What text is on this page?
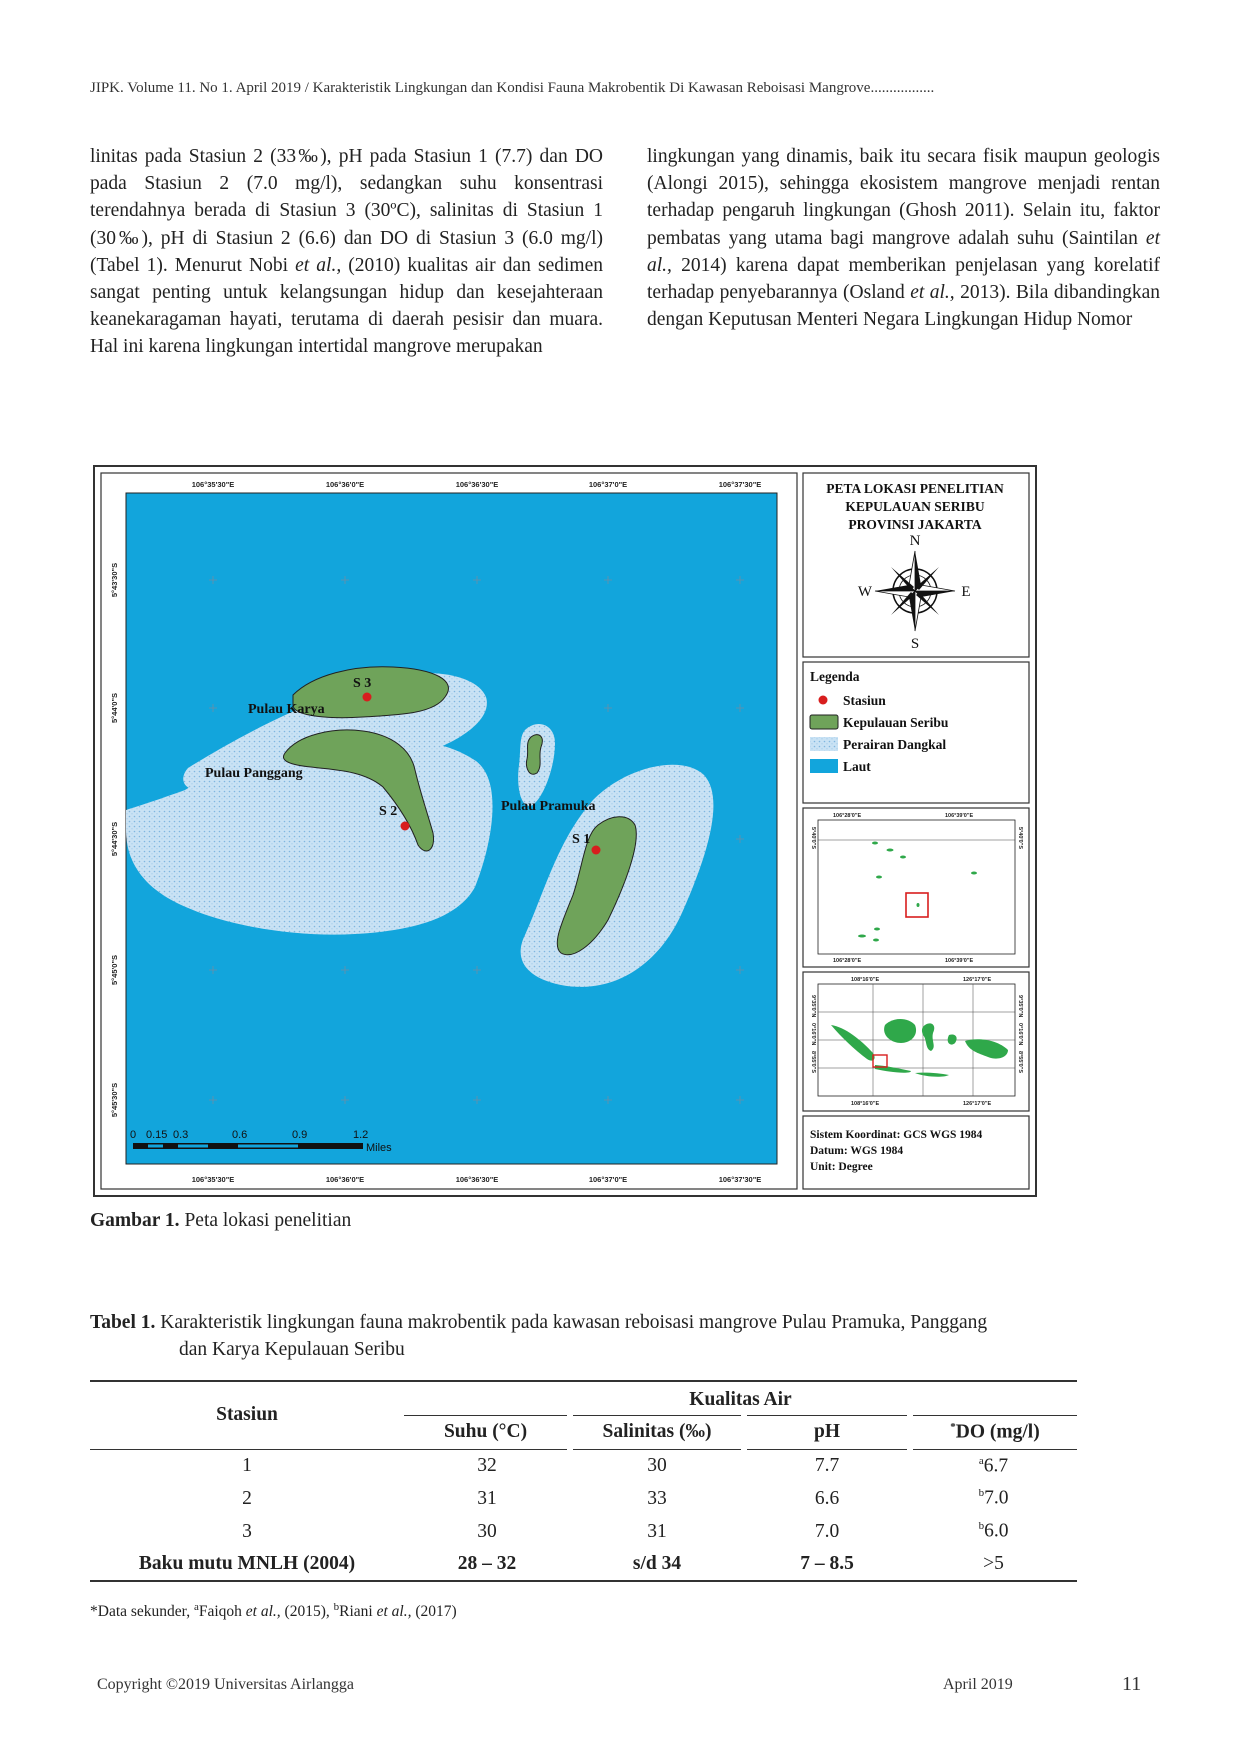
JIPK. Volume 11. No 1. April 2019 / Karakteristik Lingkungan dan Kondisi Fauna Makrobentik Di Kawasan Reboisasi Mangrove.................

linitas pada Stasiun 2 (33‰), pH pada Stasiun 1 (7.7) dan DO pada Stasiun 2 (7.0 mg/l), sedangkan suhu konsentrasi terendahnya berada di Stasiun 3 (30ºC), salinitas di Stasiun 1 (30‰), pH di Stasiun 2 (6.6) dan DO di Stasiun 3 (6.0 mg/l) (Tabel 1). Menurut Nobi et al., (2010) kualitas air dan sedimen sangat penting untuk kelangsungan hidup dan kesejahteraan keanekaragaman hayati, terutama di daerah pesisir dan muara. Hal ini karena lingkungan intertidal mangrove merupakan

lingkungan yang dinamis, baik itu secara fisik maupun geologis (Alongi 2015), sehingga ekosistem mangrove menjadi rentan terhadap pengaruh lingkungan (Ghosh 2011). Selain itu, faktor pembatas yang utama bagi mangrove adalah suhu (Saintilan et al., 2014) karena dapat memberikan penjelasan yang korelatif terhadap penyebarannya (Osland et al., 2013). Bila dibandingkan dengan Keputusan Menteri Negara Lingkungan Hidup Nomor

106°35'30"E	106°36'0"E	106°36'30"E	106°37'0"E	106°37'30"E
106°35'30"E	106°36'0"E	106°36'30"E	106°37'0"E	106°37'30"E
5°43'30"S
5°44'0"S
5°44'30"S
5°45'0"S
5°45'30"S
Pulau Karya
Pulau Panggang
Pulau Pramuka
S 3
S 2
S 1
0 0.15 0.3	0.6	0.9	1.2
Miles
PETA LOKASI PENELITIAN
KEPULAUAN SERIBU
PROVINSI JAKARTA
N
S
E
W
Legenda
Stasiun
Kepulauan Seribu
Perairan Dangkal
Laut
106°28'0"E	106°39'0"E
106°28'0"E	106°39'0"E
5°40'0"S	5°40'0"S
108°16'0"E	126°17'0"E
108°16'0"E	126°17'0"E
9°35'0"N
0°16'0"N
8°55'0"S
9°35'0"N
0°16'0"N
8°55'0"S
Sistem Koordinat: GCS WGS 1984
Datum: WGS 1984
Unit: Degree
Gambar 1. Peta lokasi penelitian
Tabel 1. Karakteristik lingkungan fauna makrobentik pada kawasan reboisasi mangrove Pulau Pramuka, Panggang
dan Karya Kepulauan Seribu
Stasiun	Kualitas Air			
	Suhu (°C)	Salinitas (‰)	pH	*DO (mg/l)
1	32	30	7.7	$^a$6.7
2	31	33	6.6	$^b$7.0
3	30	31	7.0	$^b$6.0
Baku mutu MNLH (2004)	28 – 32	s/d 34	7 – 8.5	>5
*Data sekunder, $^a$Faiqoh et al., (2015), $^b$Riani et al., (2017)
Copyright ©2019 Universitas Airlangga	April 2019	11
